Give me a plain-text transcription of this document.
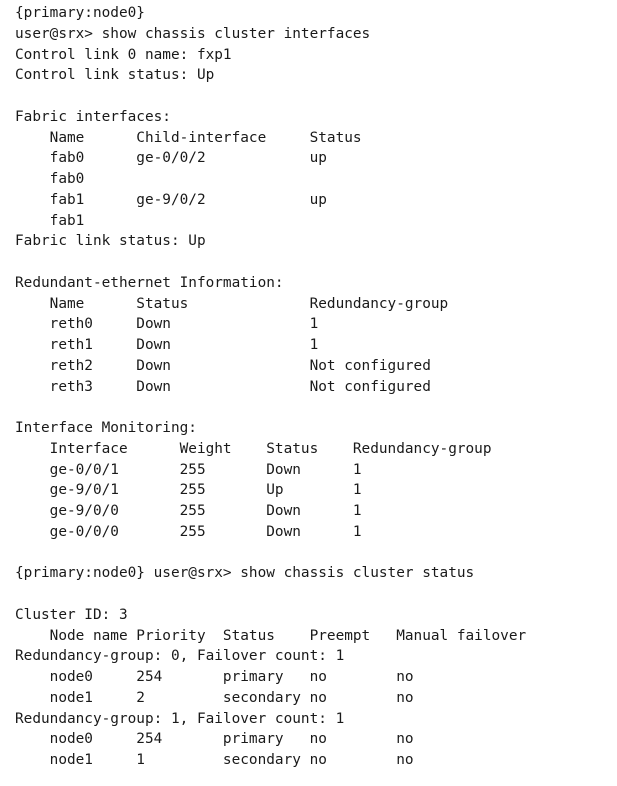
{primary:node0}
user@srx> show chassis cluster interfaces
Control link 0 name: fxp1
Control link status: Up
Fabric interfaces:
Name      Child-interface     Status
fab0      ge-0/0/2            up
fab0
fab1      ge-9/0/2            up
fab1
Fabric link status: Up
Redundant-ethernet Information:
Name      Status              Redundancy-group
reth0     Down                1
reth1     Down                1
reth2     Down                Not configured
reth3     Down                Not configured
Interface Monitoring:
Interface      Weight    Status    Redundancy-group
ge-0/0/1       255       Down      1
ge-9/0/1       255       Up        1
ge-9/0/0       255       Down      1
ge-0/0/0       255       Down      1
{primary:node0} user@srx> show chassis cluster status
Cluster ID: 3
Node name Priority  Status    Preempt   Manual failover
Redundancy-group: 0, Failover count: 1
node0     254       primary   no        no
node1     2         secondary no        no
Redundancy-group: 1, Failover count: 1
node0     254       primary   no        no
node1     1         secondary no        no
